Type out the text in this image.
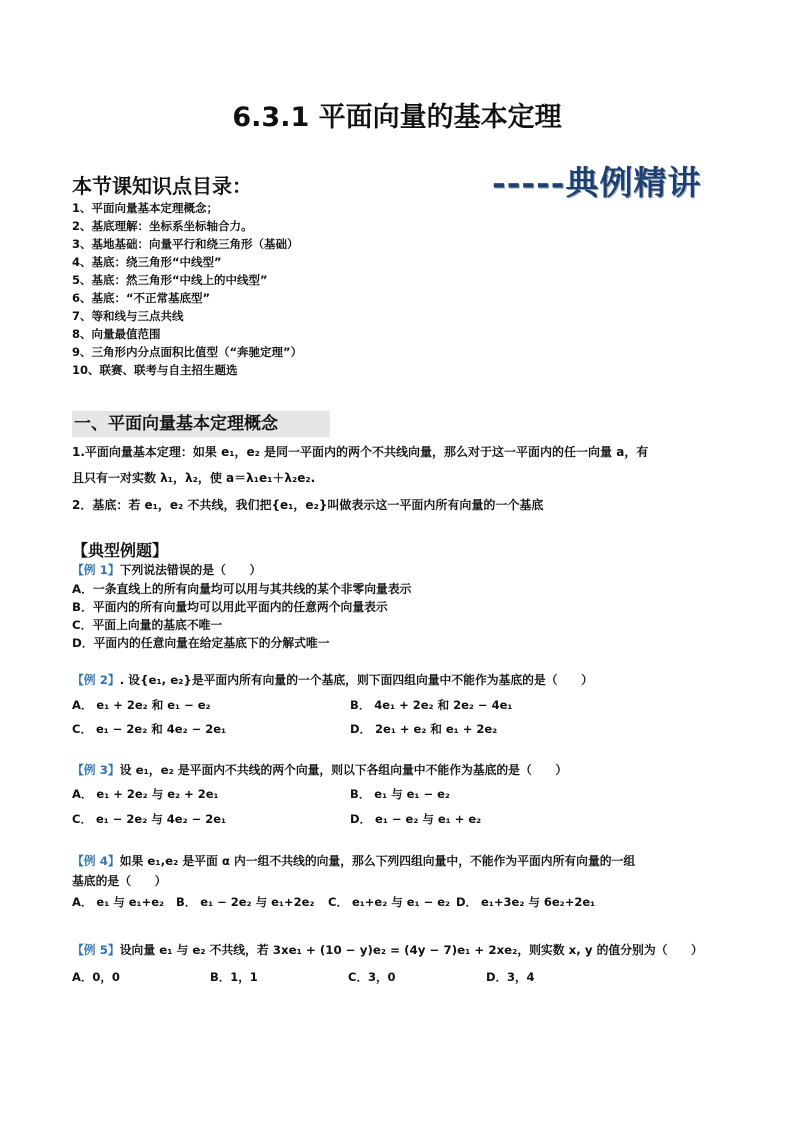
6.3.1 平面向量的基本定理
本节课知识点目录：	-----典例精讲
1、平面向量基本定理概念；
2、基底理解：坐标系坐标轴合力。
3、基地基础：向量平行和绕三角形（基础）
4、基底：绕三角形“中线型”
5、基底：然三角形“中线上的中线型”
6、基底：“不正常基底型”
7、等和线与三点共线
8、向量最值范围
9、三角形内分点面积比值型（“奔驰定理”）
10、联赛、联考与自主招生题选
一、平面向量基本定理概念
1.平面向量基本定理：如果 e₁，e₂ 是同一平面内的两个不共线向量，那么对于这一平面内的任一向量 a，有
且只有一对实数 λ₁，λ₂，使 a＝λ₁e₁＋λ₂e₂.
2．基底：若 e₁，e₂ 不共线，我们把{e₁，e₂}叫做表示这一平面内所有向量的一个基底
【典型例题】
【例 1】下列说法错误的是（　　）
A．一条直线上的所有向量均可以用与其共线的某个非零向量表示
B．平面内的所有向量均可以用此平面内的任意两个向量表示
C．平面上向量的基底不唯一
D．平面内的任意向量在给定基底下的分解式唯一
【例 2】. 设{e₁, e₂}是平面内所有向量的一个基底，则下面四组向量中不能作为基底的是（　　）
A． e₁ + 2e₂ 和 e₁ − e₂	B． 4e₁ + 2e₂ 和 2e₂ − 4e₁
C． e₁ − 2e₂ 和 4e₂ − 2e₁	D． 2e₁ + e₂ 和 e₁ + 2e₂
【例 3】设 e₁，e₂ 是平面内不共线的两个向量，则以下各组向量中不能作为基底的是（　　）
A． e₁ + 2e₂ 与 e₂ + 2e₁	B． e₁ 与 e₁ − e₂
C． e₁ − 2e₂ 与 4e₂ − 2e₁	D． e₁ − e₂ 与 e₁ + e₂
【例 4】如果 e₁,e₂ 是平面 α 内一组不共线的向量，那么下列四组向量中，不能作为平面内所有向量的一组
基底的是（　　）
A． e₁ 与 e₁+e₂ B． e₁ − 2e₂ 与 e₁+2e₂ C． e₁+e₂ 与 e₁ − e₂ D． e₁+3e₂ 与 6e₂+2e₁
【例 5】设向量 e₁ 与 e₂ 不共线，若 3xe₁ + (10 − y)e₂ = (4y − 7)e₁ + 2xe₂，则实数 x, y 的值分别为（　　）
A．0，0	B．1，1	C．3，0	D．3，4
